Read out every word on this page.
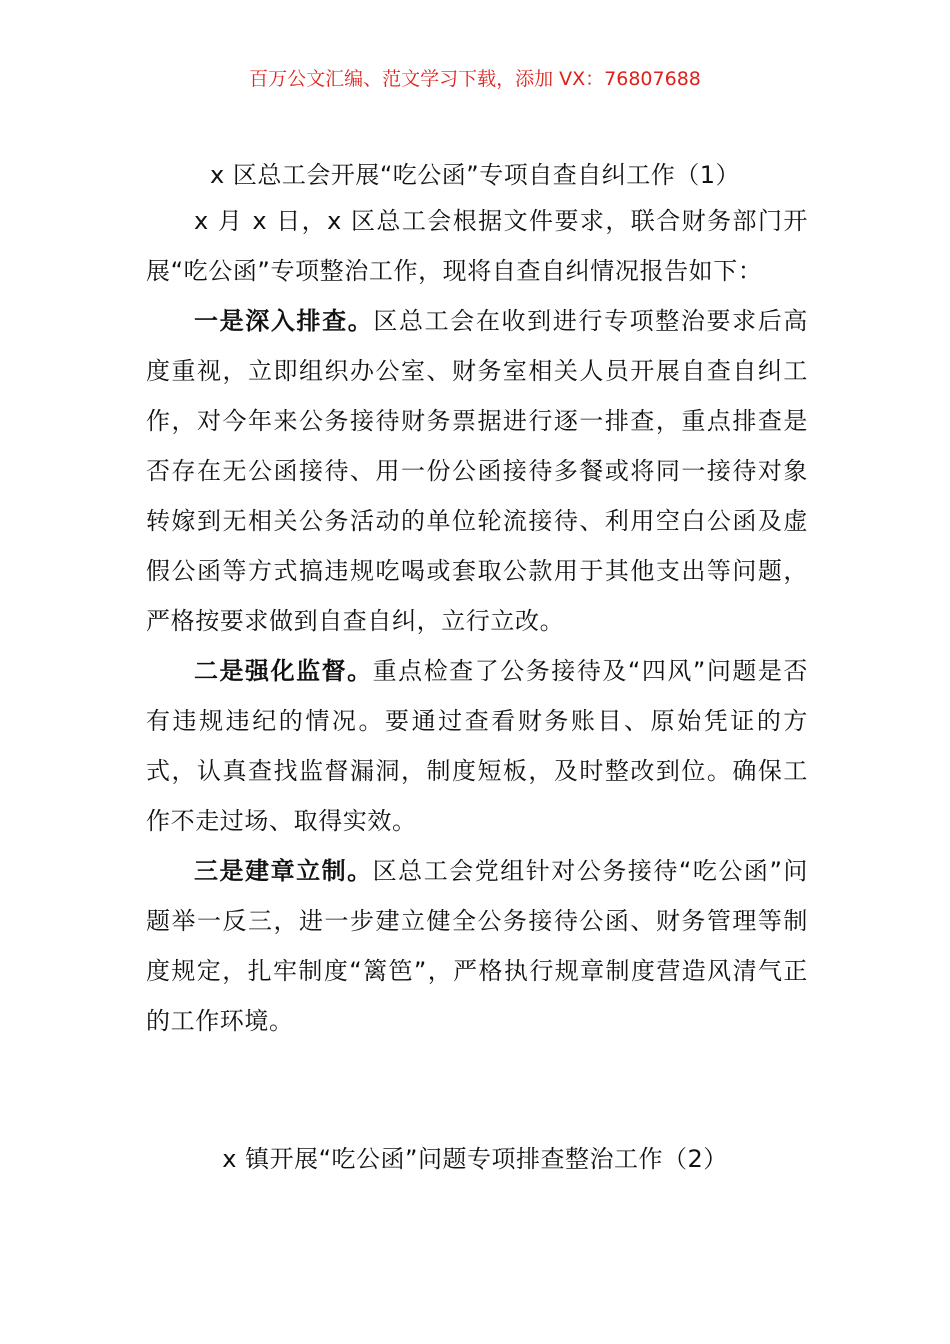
百万公文汇编、范文学习下载，添加 VX：76807688
x 区总工会开展“吃公函”专项自查自纠工作（1）

x 月 x 日，x 区总工会根据文件要求，联合财务部门开展“吃公函”专项整治工作，现将自查自纠情况报告如下：

一是深入排查。区总工会在收到进行专项整治要求后高度重视，立即组织办公室、财务室相关人员开展自查自纠工作，对今年来公务接待财务票据进行逐一排查，重点排查是否存在无公函接待、用一份公函接待多餐或将同一接待对象转嫁到无相关公务活动的单位轮流接待、利用空白公函及虚假公函等方式搞违规吃喝或套取公款用于其他支出等问题，严格按要求做到自查自纠，立行立改。

二是强化监督。重点检查了公务接待及“四风”问题是否有违规违纪的情况。要通过查看财务账目、原始凭证的方式，认真查找监督漏洞，制度短板，及时整改到位。确保工作不走过场、取得实效。

三是建章立制。区总工会党组针对公务接待“吃公函”问题举一反三，进一步建立健全公务接待公函、财务管理等制度规定，扎牢制度“篱笆”，严格执行规章制度营造风清气正的工作环境。

x 镇开展“吃公函”问题专项排查整治工作（2）
